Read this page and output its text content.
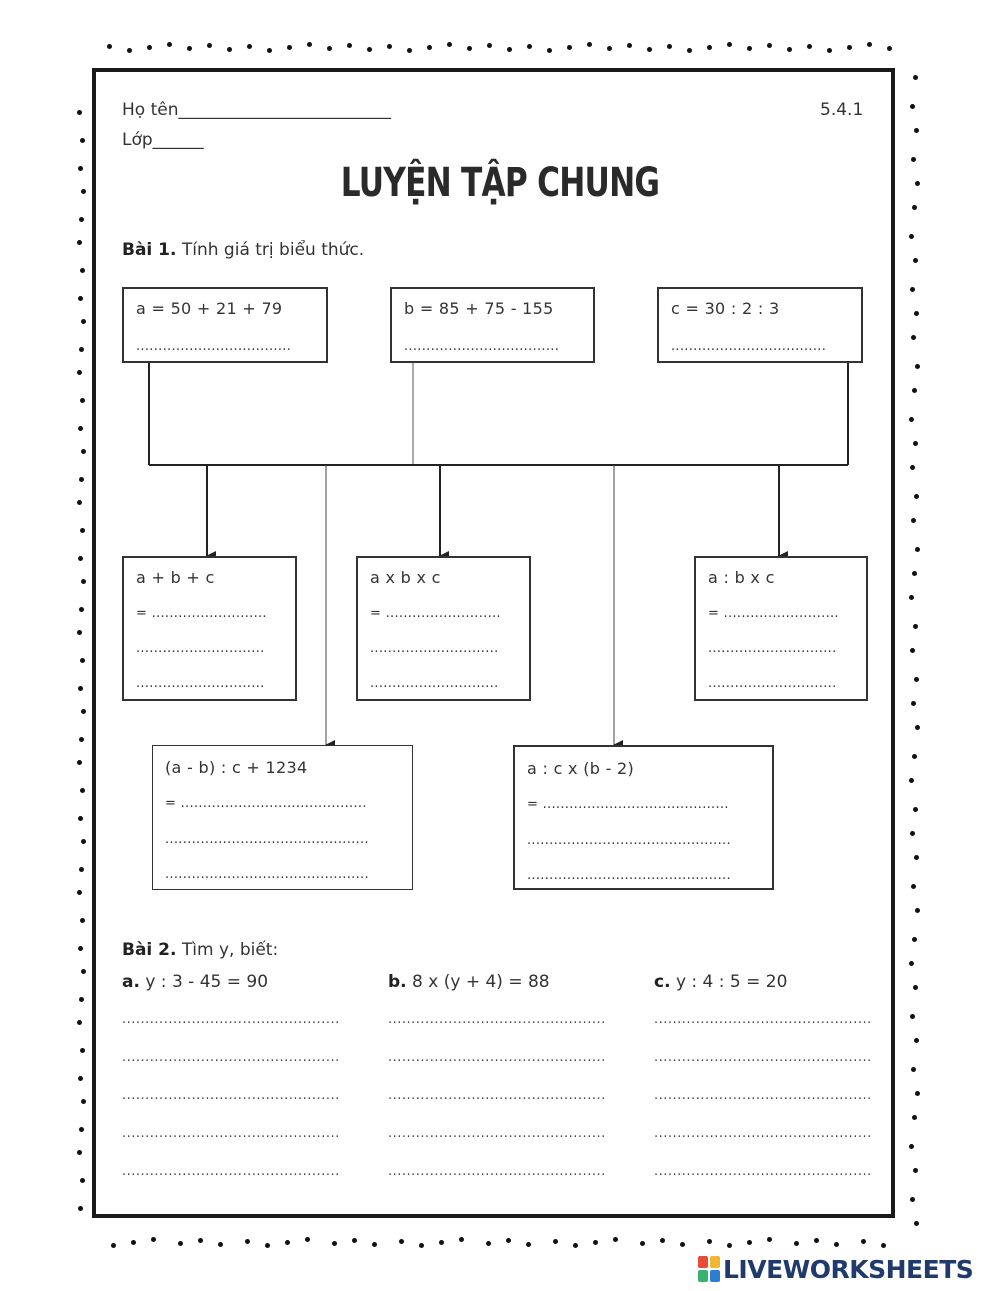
Họ tên_________________________
Lớp______
5.4.1
LUYỆN TẬP CHUNG
Bài 1. Tính giá trị biểu thức.
a = 50 + 21 + 79
...................................
b = 85 + 75 - 155
...................................
c = 30 : 2 : 3
...................................
a + b + c
= ..........................
.............................
.............................
a x b x c
= ..........................
.............................
.............................
a : b x c
= ..........................
.............................
.............................
(a - b) : c + 1234
= ..........................................
..............................................
..............................................
a : c x (b - 2)
= ..........................................
..............................................
..............................................
Bài 2. Tìm y, biết:
a. y : 3 - 45 = 90	b. 8 x (y + 4) = 88	c. y : 4 : 5 = 20
...............................................
...............................................
...............................................
...............................................
...............................................
...............................................
...............................................
...............................................
...............................................
...............................................
...............................................
...............................................
...............................................
...............................................
...............................................
LIVEWORKSHEETS
